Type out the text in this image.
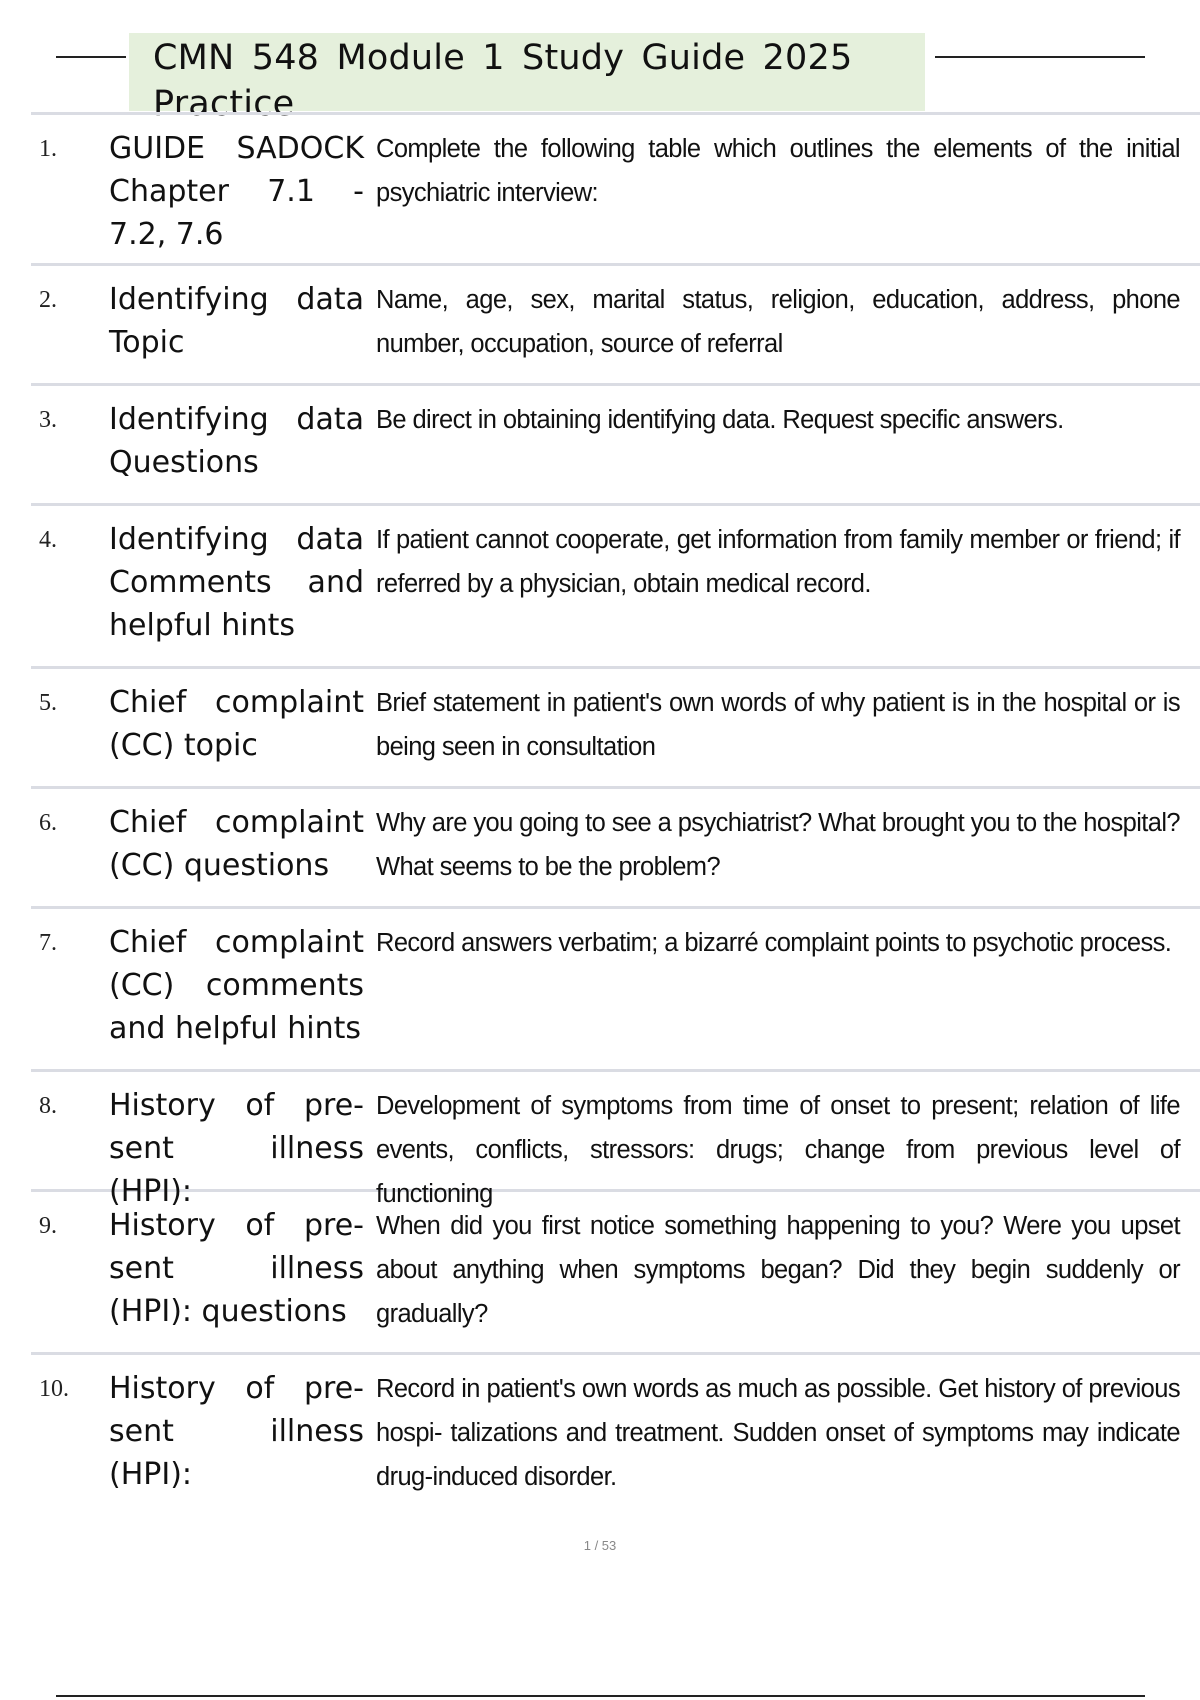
CMN 548 Module 1 Study Guide 2025 Practice
1.	GUIDE SADOCK Chapter 7.1 - 7.2, 7.6
Complete the following table which outlines the elements of the initial psychiatric interview:
2.	Identifying data Topic
Name, age, sex, marital status, religion, education, address, phone number, occupation, source of referral
3.	Identifying data Questions
Be direct in obtaining identifying data. Request specific answers.
4.	Identifying data Comments and helpful hints
If patient cannot cooperate, get information from family member or friend; if referred by a physician, obtain medical record.
5.	Chief complaint (CC) topic
Brief statement in patient's own words of why patient is in the hospital or is being seen in consultation
6.	Chief complaint (CC) questions
Why are you going to see a psychiatrist? What brought you to the hospital? What seems to be the problem?
7.	Chief complaint (CC) comments and helpful hints
Record answers verbatim; a bizarré complaint points to psychotic process.
8.	History of pre- sent illness (HPI):
Development of symptoms from time of onset to present; relation of life events, conflicts, stressors: drugs; change from previous level of functioning
9.	History of pre- sent illness (HPI): questions
When did you first notice something happening to you? Were you upset about anything when symptoms began? Did they begin suddenly or gradually?
10.	History of pre- sent illness (HPI):
Record in patient's own words as much as possible. Get history of previous hospi- talizations and treatment. Sudden onset of symptoms may indicate drug-induced disorder.
1 / 53
